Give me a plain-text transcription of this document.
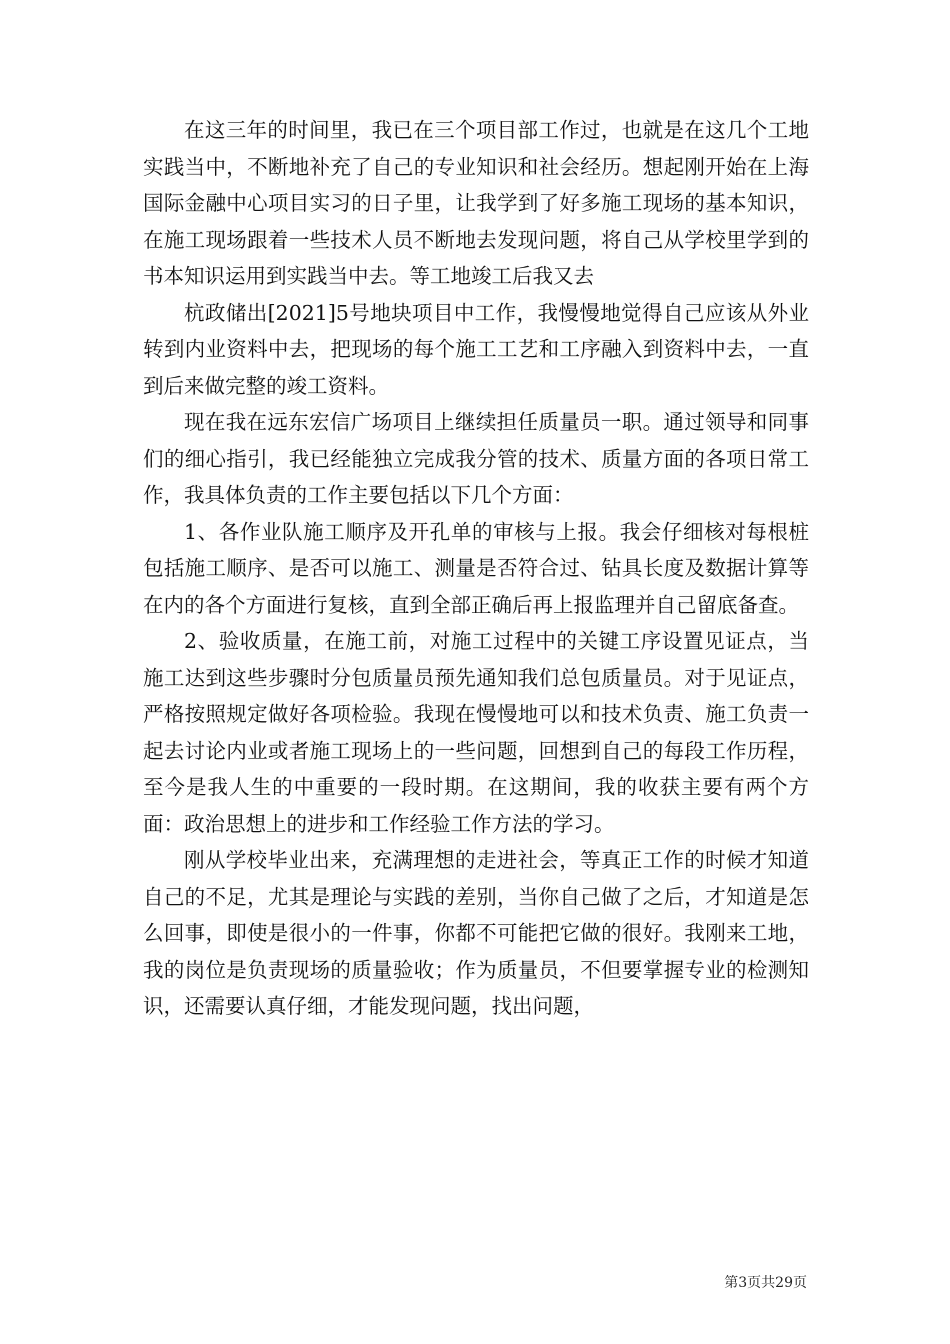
在这三年的时间里，我已在三个项目部工作过，也就是在这几个工地实践当中，不断地补充了自己的专业知识和社会经历。想起刚开始在上海国际金融中心项目实习的日子里，让我学到了好多施工现场的基本知识，在施工现场跟着一些技术人员不断地去发现问题，将自己从学校里学到的书本知识运用到实践当中去。等工地竣工后我又去

杭政储出[2021]5号地块项目中工作，我慢慢地觉得自己应该从外业转到内业资料中去，把现场的每个施工工艺和工序融入到资料中去，一直到后来做完整的竣工资料。

现在我在远东宏信广场项目上继续担任质量员一职。通过领导和同事们的细心指引，我已经能独立完成我分管的技术、质量方面的各项日常工作，我具体负责的工作主要包括以下几个方面：

1、各作业队施工顺序及开孔单的审核与上报。我会仔细核对每根桩包括施工顺序、是否可以施工、测量是否符合过、钻具长度及数据计算等在内的各个方面进行复核，直到全部正确后再上报监理并自己留底备查。

2、验收质量，在施工前，对施工过程中的关键工序设置见证点，当施工达到这些步骤时分包质量员预先通知我们总包质量员。对于见证点，严格按照规定做好各项检验。我现在慢慢地可以和技术负责、施工负责一起去讨论内业或者施工现场上的一些问题，回想到自己的每段工作历程，至今是我人生的中重要的一段时期。在这期间，我的收获主要有两个方面：政治思想上的进步和工作经验工作方法的学习。

刚从学校毕业出来，充满理想的走进社会，等真正工作的时候才知道自己的不足，尤其是理论与实践的差别，当你自己做了之后，才知道是怎么回事，即使是很小的一件事，你都不可能把它做的很好。我刚来工地，我的岗位是负责现场的质量验收；作为质量员，不但要掌握专业的检测知识，还需要认真仔细，才能发现问题，找出问题，

第3页共29页
